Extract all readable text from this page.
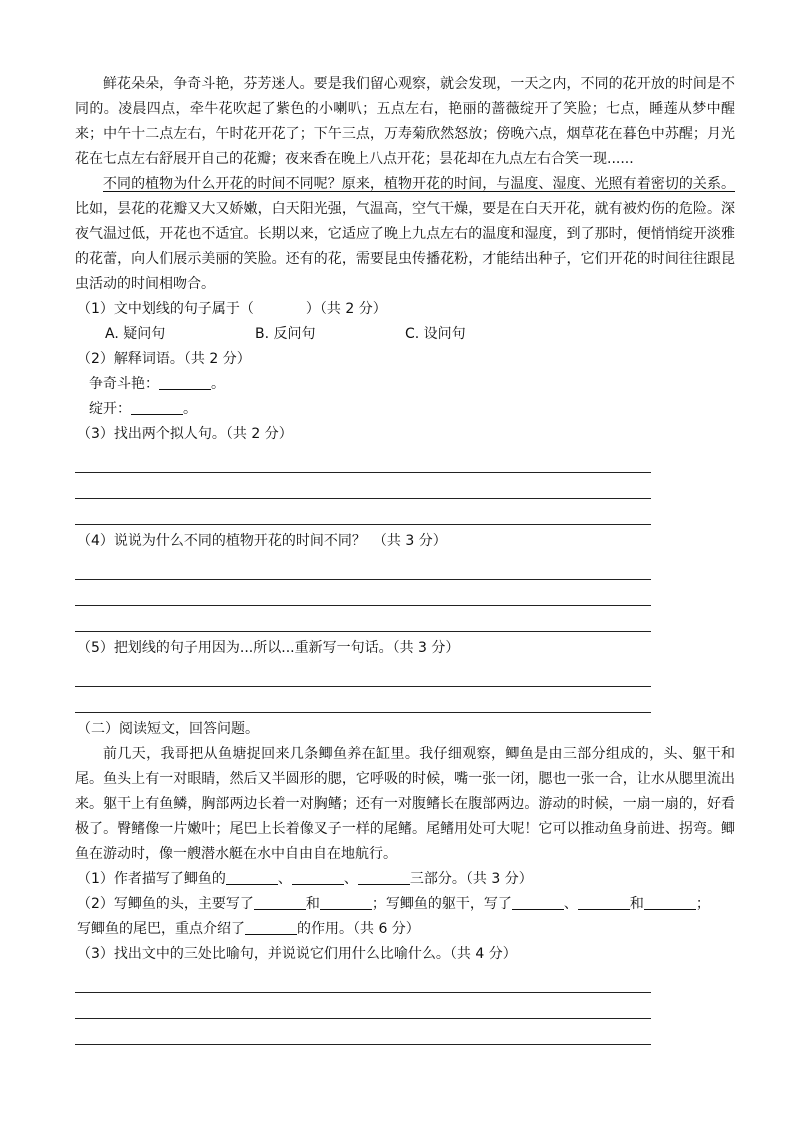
鲜花朵朵，争奇斗艳，芬芳迷人。要是我们留心观察，就会发现，一天之内，不同的花开放的时间是不同的。凌晨四点，牵牛花吹起了紫色的小喇叭；五点左右，艳丽的蔷薇绽开了笑脸；七点，睡莲从梦中醒来；中午十二点左右，午时花开花了；下午三点，万寿菊欣然怒放；傍晚六点，烟草花在暮色中苏醒；月光花在七点左右舒展开自己的花瓣；夜来香在晚上八点开花；昙花却在九点左右合笑一现......

不同的植物为什么开花的时间不同呢？原来，植物开花的时间，与温度、湿度、光照有着密切的关系。比如，昙花的花瓣又大又娇嫩，白天阳光强，气温高，空气干燥，要是在白天开花，就有被灼伤的危险。深夜气温过低，开花也不适宜。长期以来，它适应了晚上九点左右的温度和湿度，到了那时，便悄悄绽开淡雅的花蕾，向人们展示美丽的笑脸。还有的花，需要昆虫传播花粉，才能结出种子，它们开花的时间往往跟昆虫活动的时间相吻合。

（1）文中划线的句子属于（	）（共 2 分）

A. 疑问句	B. 反问句	C. 设问句

（2）解释词语。（共 2 分）

争奇斗艳：	。

绽开：	。

（3）找出两个拟人句。（共 2 分）

（4）说说为什么不同的植物开花的时间不同？　（共 3 分）

（5）把划线的句子用因为...所以...重新写一句话。（共 3 分）

（二）阅读短文，回答问题。

前几天，我哥把从鱼塘捉回来几条鲫鱼养在缸里。我仔细观察，鲫鱼是由三部分组成的，头、躯干和尾。鱼头上有一对眼睛，然后又半圆形的腮，它呼吸的时候，嘴一张一闭，腮也一张一合，让水从腮里流出来。躯干上有鱼鳞，胸部两边长着一对胸鳍；还有一对腹鳍长在腹部两边。游动的时候，一扇一扇的，好看极了。臀鳍像一片嫩叶；尾巴上长着像叉子一样的尾鳍。尾鳍用处可大呢！它可以推动鱼身前进、拐弯。鲫鱼在游动时，像一艘潜水艇在水中自由自在地航行。

（1）作者描写了鲫鱼的	、	、	三部分。（共 3 分）

（2）写鲫鱼的头，主要写了	和	；写鲫鱼的躯干，写了	、	和	；
写鲫鱼的尾巴，重点介绍了	的作用。（共 6 分）

（3）找出文中的三处比喻句，并说说它们用什么比喻什么。（共 4 分）
